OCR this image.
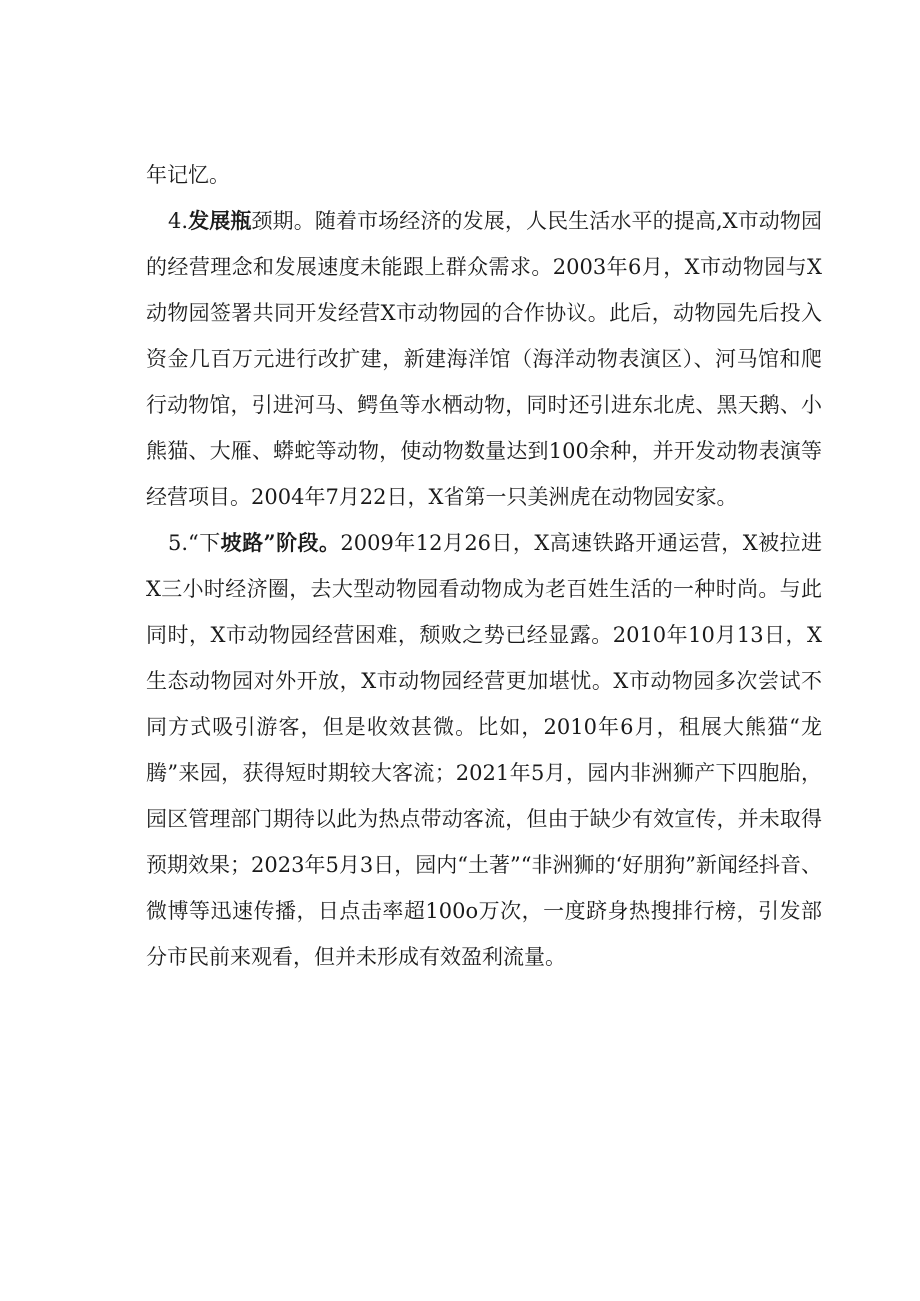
年记忆。

4.发展瓶颈期。随着市场经济的发展，人民生活水平的提高,X市动物园的经营理念和发展速度未能跟上群众需求。2003年6月，X市动物园与X动物园签署共同开发经营X市动物园的合作协议。此后，动物园先后投入资金几百万元进行改扩建，新建海洋馆（海洋动物表演区）、河马馆和爬行动物馆，引进河马、鳄鱼等水栖动物，同时还引进东北虎、黑天鹅、小熊猫、大雁、蟒蛇等动物，使动物数量达到100余种，并开发动物表演等经营项目。2004年7月22日，X省第一只美洲虎在动物园安家。

5.“下坡路”阶段。2009年12月26日，X高速铁路开通运营，X被拉进X三小时经济圈，去大型动物园看动物成为老百姓生活的一种时尚。与此同时，X市动物园经营困难，颓败之势已经显露。2010年10月13日，X生态动物园对外开放，X市动物园经营更加堪忧。X市动物园多次尝试不同方式吸引游客，但是收效甚微。比如，2010年6月，租展大熊猫“龙腾”来园，获得短时期较大客流；2021年5月，园内非洲狮产下四胞胎，园区管理部门期待以此为热点带动客流，但由于缺少有效宣传，并未取得预期效果；2023年5月3日，园内“土著”“非洲狮的‘好朋狗”新闻经抖音、微博等迅速传播，日点击率超100o万次，一度跻身热搜排行榜，引发部分市民前来观看，但并未形成有效盈利流量。
